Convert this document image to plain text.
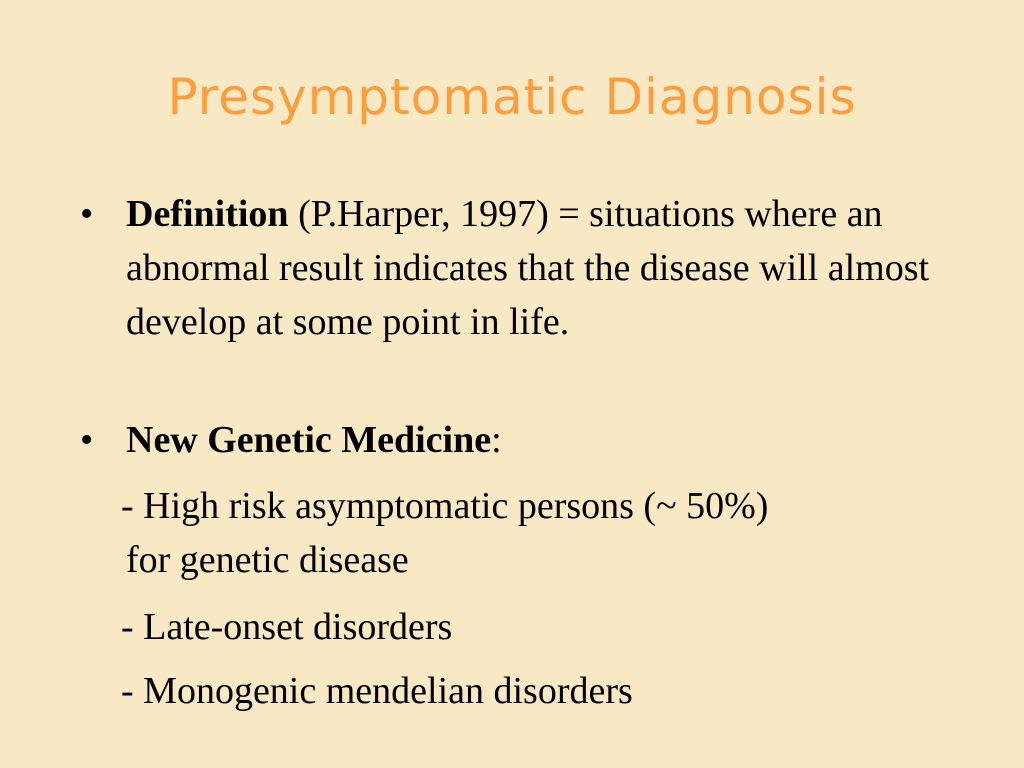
Presymptomatic Diagnosis
• Definition (P.Harper, 1997) = situations where an abnormal result indicates that the disease will almost develop at some point in life.
• New Genetic Medicine:
- High risk asymptomatic persons (~ 50%)
for genetic disease
- Late-onset disorders
- Monogenic mendelian disorders
